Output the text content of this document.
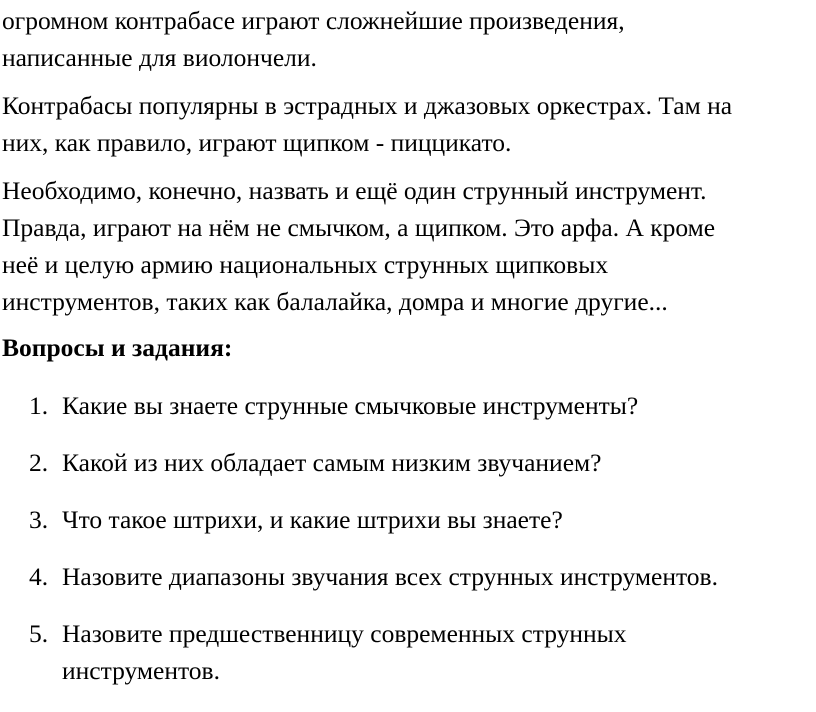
огромном контрабасе играют сложнейшие произведения,
написанные для виолончели.

Контрабасы популярны в эстрадных и джазовых оркестрах. Там на
них, как правило, играют щипком - пиццикато.

Необходимо, конечно, назвать и ещё один струнный инструмент.
Правда, играют на нём не смычком, а щипком. Это арфа. А кроме
неё и целую армию национальных струнных щипковых
инструментов, таких как балалайка, домра и многие другие...

Вопросы и задания:
1. Какие вы знаете струнные смычковые инструменты?
2. Какой из них обладает самым низким звучанием?
3. Что такое штрихи, и какие штрихи вы знаете?
4. Назовите диапазоны звучания всех струнных инструментов.
5. Назовите предшественницу современных струнных
инструментов.
